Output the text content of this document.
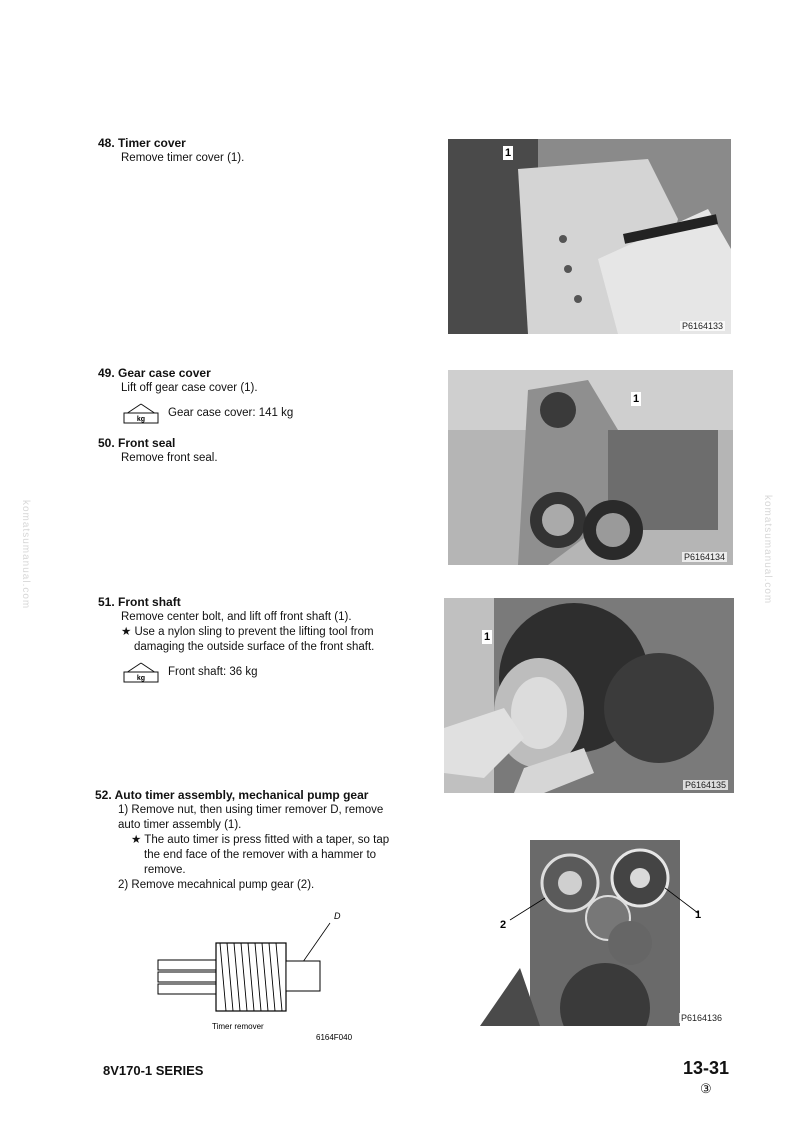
komatsumanual.com	komatsumanual.com
48. Timer cover
Remove timer cover (1).
49. Gear case cover
Lift off gear case cover (1).
kg
Gear case cover: 141 kg
50. Front seal
Remove front seal.
51. Front shaft
Remove center bolt, and lift off front shaft (1).
★ Use a nylon sling to prevent the lifting tool from damaging the outside surface of the front shaft.
kg
Front shaft: 36 kg
52. Auto timer assembly, mechanical pump gear
1) Remove nut, then using timer remover D, remove auto timer assembly (1).
★ The auto timer is press fitted with a taper, so tap the end face of the remover with a hammer to remove.
2) Remove mecahnical pump gear (2).
D
Timer remover
6164F040
1
P6164133
1
P6164134
1
P6164135
2
1
P6164136
8V170-1 SERIES	13-31
③
